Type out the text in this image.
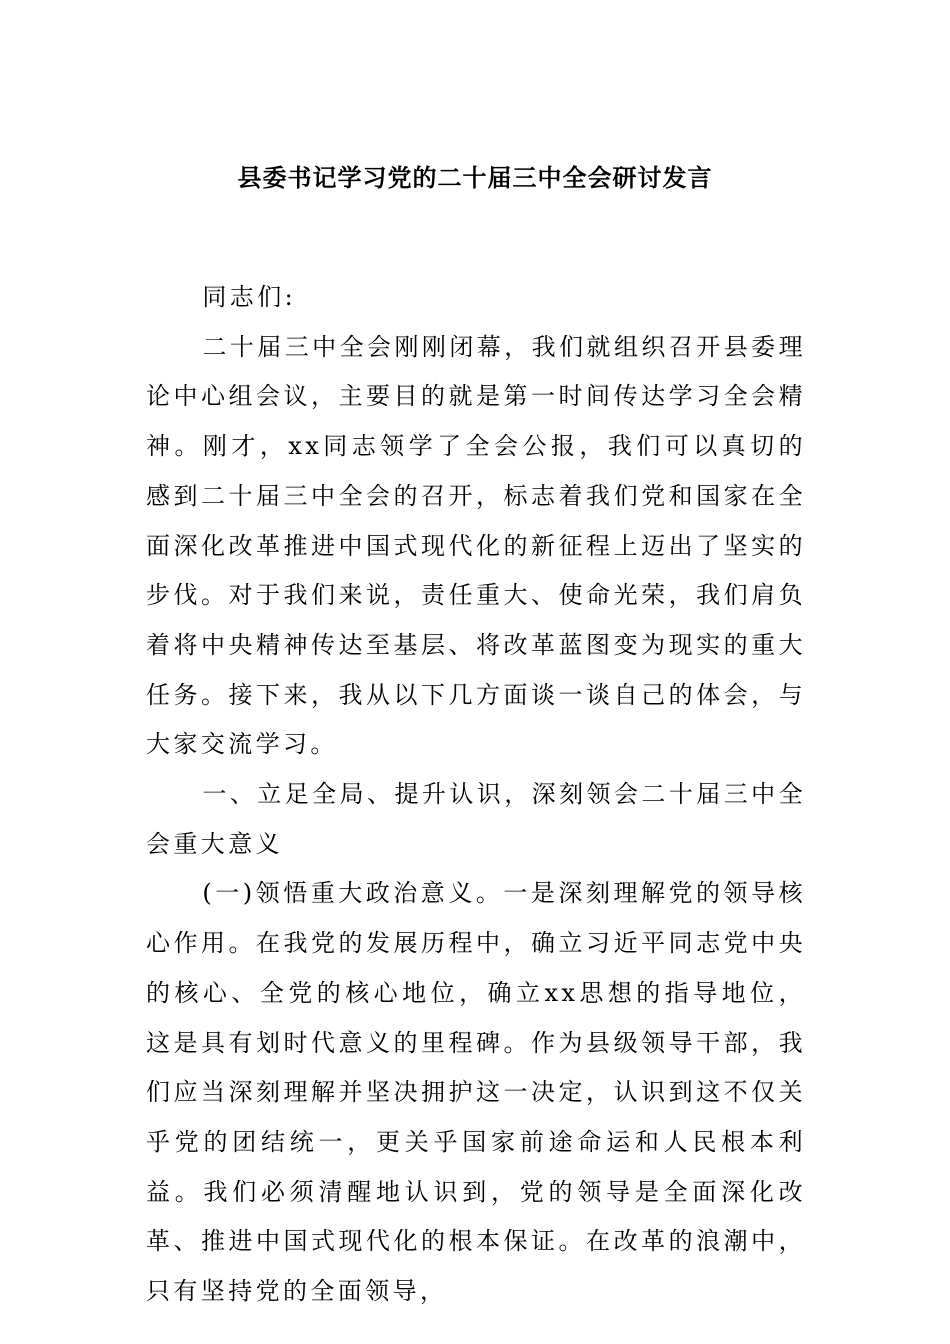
县委书记学习党的二十届三中全会研讨发言

同志们:

二十届三中全会刚刚闭幕，我们就组织召开县委理论中心组会议，主要目的就是第一时间传达学习全会精神。刚才，xx同志领学了全会公报，我们可以真切的感到二十届三中全会的召开，标志着我们党和国家在全面深化改革推进中国式现代化的新征程上迈出了坚实的步伐。对于我们来说，责任重大、使命光荣，我们肩负着将中央精神传达至基层、将改革蓝图变为现实的重大任务。接下来，我从以下几方面谈一谈自己的体会，与大家交流学习。

一、立足全局、提升认识，深刻领会二十届三中全会重大意义

(一)领悟重大政治意义。一是深刻理解党的领导核心作用。在我党的发展历程中，确立习近平同志党中央的核心、全党的核心地位，确立xx思想的指导地位，这是具有划时代意义的里程碑。作为县级领导干部，我们应当深刻理解并坚决拥护这一决定，认识到这不仅关乎党的团结统一，更关乎国家前途命运和人民根本利益。我们必须清醒地认识到，党的领导是全面深化改革、推进中国式现代化的根本保证。在改革的浪潮中，只有坚持党的全面领导，
